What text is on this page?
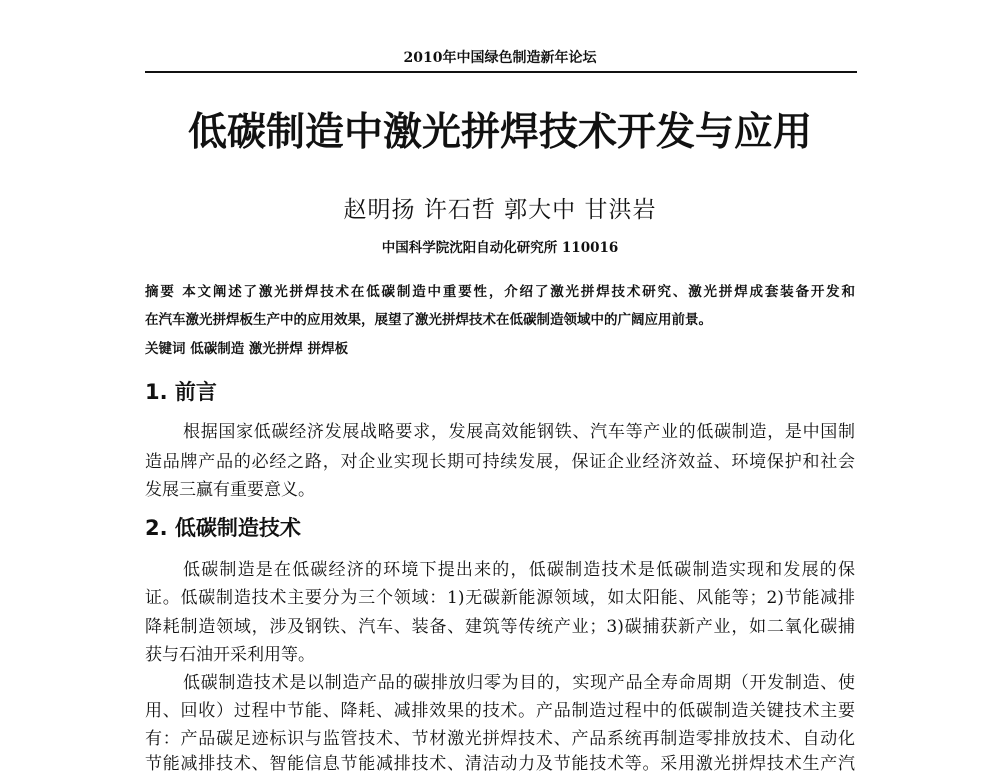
2010年中国绿色制造新年论坛
低碳制造中激光拼焊技术开发与应用
赵明扬 许石哲 郭大中 甘洪岩
中国科学院沈阳自动化研究所 110016
摘要 本文阐述了激光拼焊技术在低碳制造中重要性，介绍了激光拼焊技术研究、激光拼焊成套装备开发和
在汽车激光拼焊板生产中的应用效果，展望了激光拼焊技术在低碳制造领域中的广阔应用前景。
关键词 低碳制造 激光拼焊 拼焊板
1. 前言
根据国家低碳经济发展战略要求，发展高效能钢铁、汽车等产业的低碳制造，是中国制
造品牌产品的必经之路，对企业实现长期可持续发展，保证企业经济效益、环境保护和社会
发展三赢有重要意义。
2. 低碳制造技术
低碳制造是在低碳经济的环境下提出来的，低碳制造技术是低碳制造实现和发展的保
证。低碳制造技术主要分为三个领域：1)无碳新能源领域，如太阳能、风能等；2)节能减排
降耗制造领域，涉及钢铁、汽车、装备、建筑等传统产业；3)碳捕获新产业，如二氧化碳捕
获与石油开采利用等。
低碳制造技术是以制造产品的碳排放归零为目的，实现产品全寿命周期（开发制造、使
用、回收）过程中节能、降耗、减排效果的技术。产品制造过程中的低碳制造关键技术主要
有：产品碳足迹标识与监管技术、节材激光拼焊技术、产品系统再制造零排放技术、自动化
节能减排技术、智能信息节能减排技术、清洁动力及节能技术等。采用激光拼焊技术生产汽
